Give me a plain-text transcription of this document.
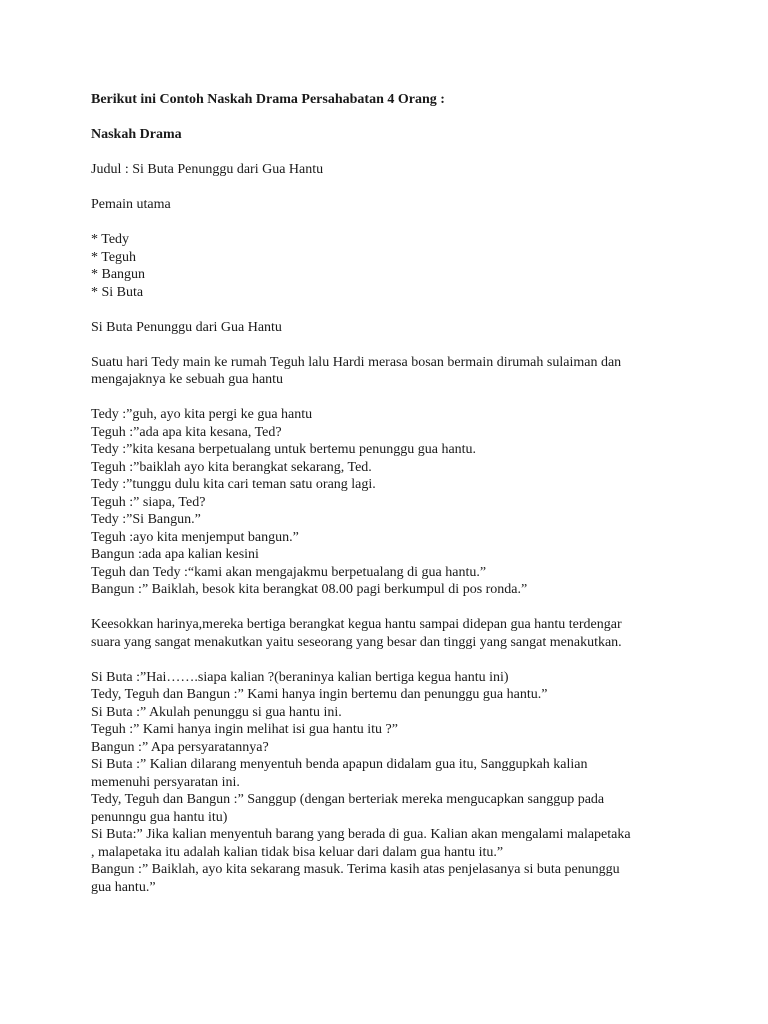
Berikut ini Contoh Naskah Drama Persahabatan 4 Orang :
Naskah Drama
Judul : Si Buta Penunggu dari Gua Hantu
Pemain utama
* Tedy
* Teguh
* Bangun
* Si Buta
Si Buta Penunggu dari Gua Hantu
Suatu hari Tedy main ke rumah Teguh lalu Hardi merasa bosan bermain dirumah sulaiman dan
mengajaknya ke sebuah gua hantu
Tedy :”guh, ayo kita pergi ke gua hantu
Teguh :”ada apa kita kesana, Ted?
Tedy :”kita kesana berpetualang untuk bertemu penunggu gua hantu.
Teguh :”baiklah ayo kita berangkat sekarang, Ted.
Tedy :”tunggu dulu kita cari teman satu orang lagi.
Teguh :” siapa, Ted?
Tedy :”Si Bangun.”
Teguh :ayo kita menjemput bangun.”
Bangun :ada apa kalian kesini
Teguh dan Tedy :“kami akan mengajakmu berpetualang di gua hantu.”
Bangun :” Baiklah, besok kita berangkat 08.00 pagi berkumpul di pos ronda.”
Keesokkan harinya,mereka bertiga berangkat kegua hantu sampai didepan gua hantu terdengar
suara yang sangat menakutkan yaitu seseorang yang besar dan tinggi yang sangat menakutkan.
Si Buta :”Hai…….siapa kalian ?(beraninya kalian bertiga kegua hantu ini)
Tedy, Teguh dan Bangun :” Kami hanya ingin bertemu dan penunggu gua hantu.”
Si Buta :” Akulah penunggu si gua hantu ini.
Teguh :” Kami hanya ingin melihat isi gua hantu itu ?”
Bangun :” Apa persyaratannya?
Si Buta :” Kalian dilarang menyentuh benda apapun didalam gua itu, Sanggupkah kalian
memenuhi persyaratan ini.
Tedy, Teguh dan Bangun :” Sanggup (dengan berteriak mereka mengucapkan sanggup pada
penunngu gua hantu itu)
Si Buta:” Jika kalian menyentuh barang yang berada di gua. Kalian akan mengalami malapetaka
, malapetaka itu adalah kalian tidak bisa keluar dari dalam gua hantu itu.”
Bangun :” Baiklah, ayo kita sekarang masuk. Terima kasih atas penjelasanya si buta penunggu
gua hantu.”
